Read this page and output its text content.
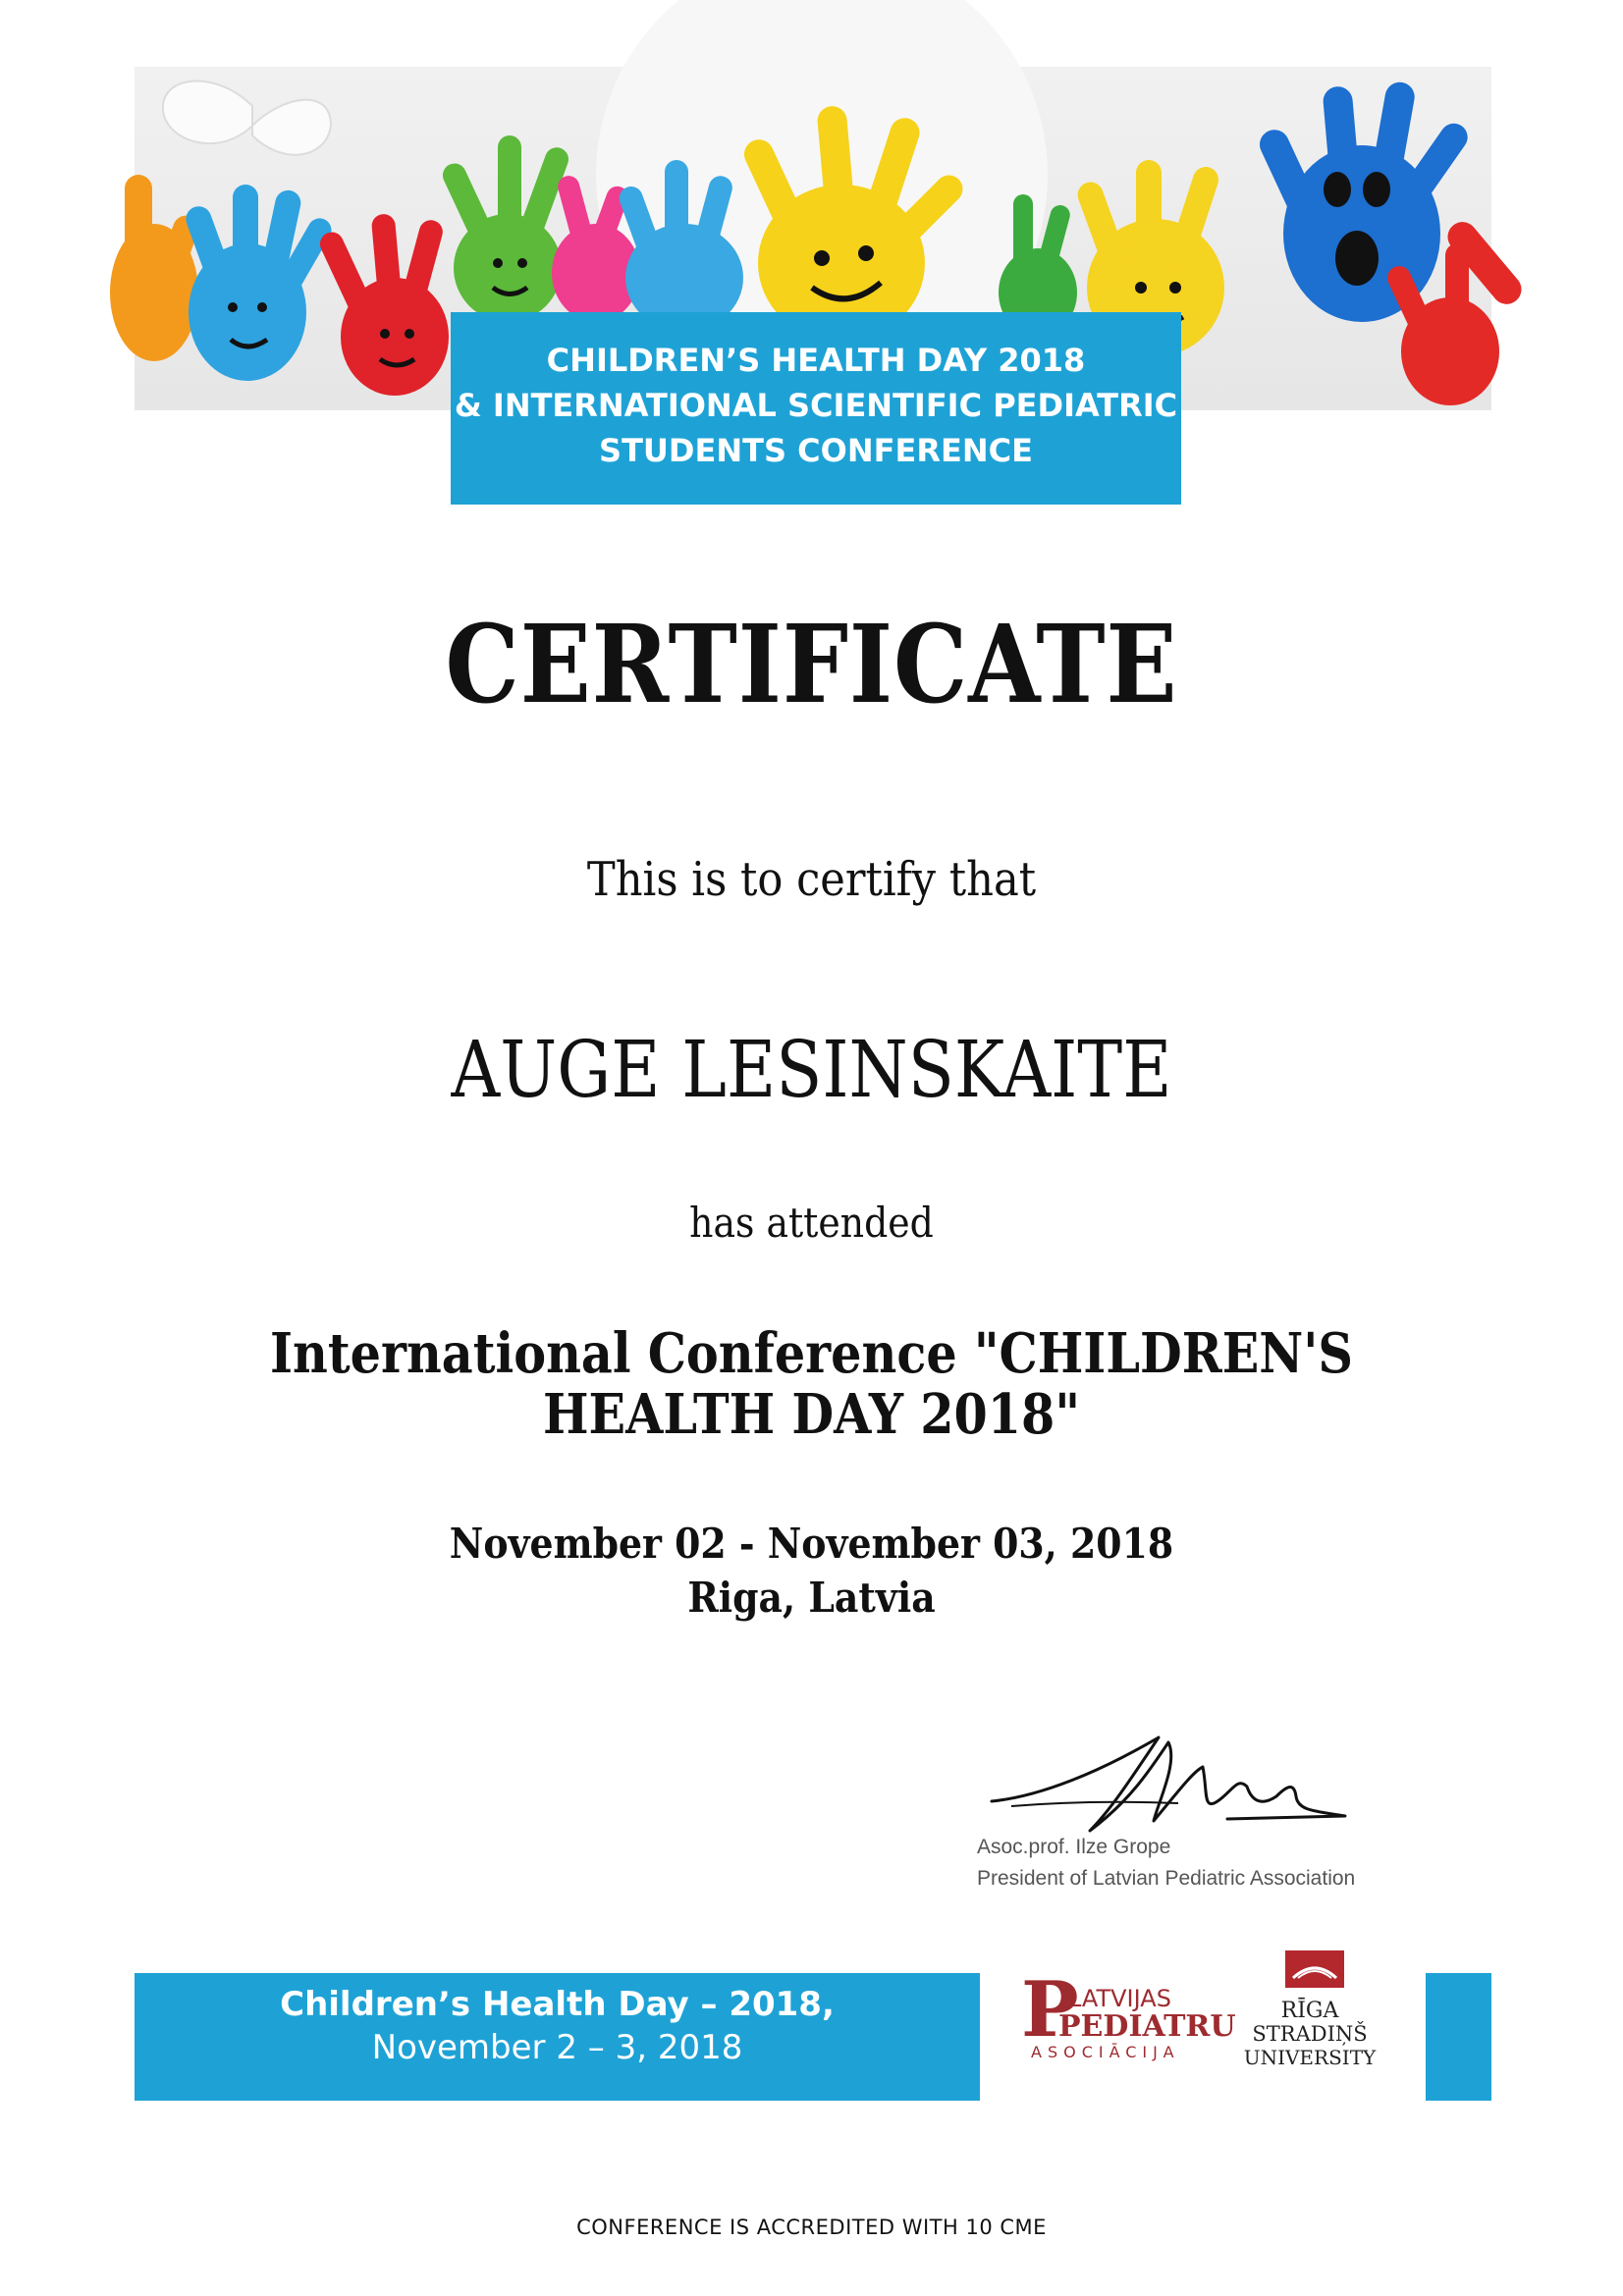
CHILDREN’S HEALTH DAY 2018
& INTERNATIONAL SCIENTIFIC PEDIATRIC
STUDENTS CONFERENCE
CERTIFICATE
This is to certify that
AUGE LESINSKAITE
has attended
International Conference "CHILDREN'S HEALTH DAY 2018"
November 02 - November 03, 2018
Riga, Latvia
Asoc.prof. Ilze Grope
President of Latvian Pediatric Association
Children’s Health Day – 2018,
November 2 – 3, 2018	P
LATVIJAS
PEDIATRU
ASOCIĀCIJA
RĪGA
STRADIŅŠ
UNIVERSITY
CONFERENCE IS ACCREDITED WITH 10 CME
